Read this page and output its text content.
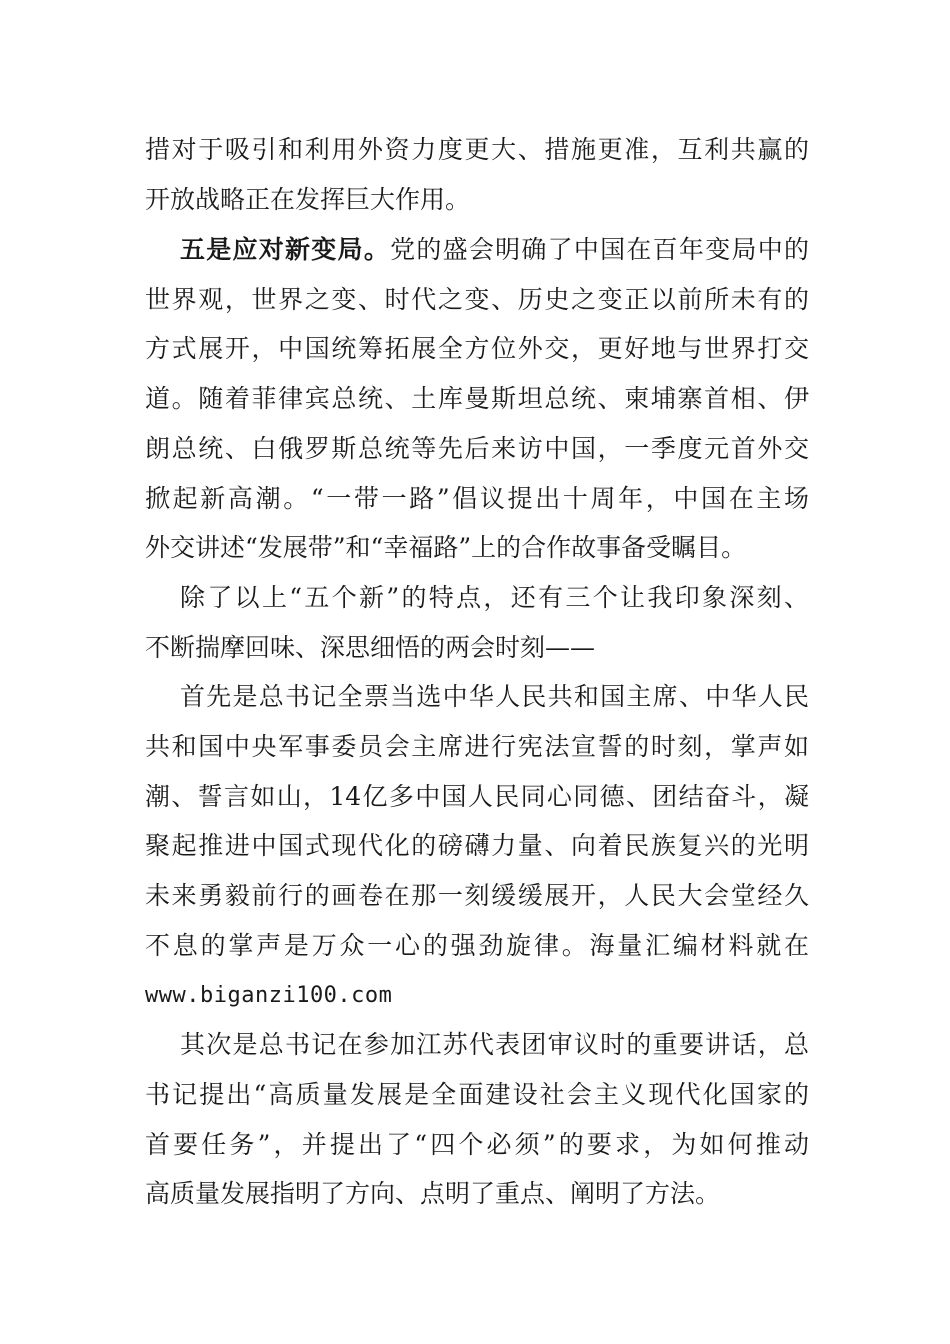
措对于吸引和利用外资力度更大、措施更准，互利共赢的
开放战略正在发挥巨大作用。
五是应对新变局。党的盛会明确了中国在百年变局中的
世界观，世界之变、时代之变、历史之变正以前所未有的
方式展开，中国统筹拓展全方位外交，更好地与世界打交
道。随着菲律宾总统、土库曼斯坦总统、柬埔寨首相、伊
朗总统、白俄罗斯总统等先后来访中国，一季度元首外交
掀起新高潮。“一带一路”倡议提出十周年，中国在主场
外交讲述“发展带”和“幸福路”上的合作故事备受瞩目。
除了以上“五个新”的特点，还有三个让我印象深刻、
不断揣摩回味、深思细悟的两会时刻——
首先是总书记全票当选中华人民共和国主席、中华人民
共和国中央军事委员会主席进行宪法宣誓的时刻，掌声如
潮、誓言如山，14亿多中国人民同心同德、团结奋斗，凝
聚起推进中国式现代化的磅礴力量、向着民族复兴的光明
未来勇毅前行的画卷在那一刻缓缓展开，人民大会堂经久
不息的掌声是万众一心的强劲旋律。海量汇编材料就在
www.biganzi100.com
其次是总书记在参加江苏代表团审议时的重要讲话，总
书记提出“高质量发展是全面建设社会主义现代化国家的
首要任务”，并提出了“四个必须”的要求，为如何推动
高质量发展指明了方向、点明了重点、阐明了方法。
